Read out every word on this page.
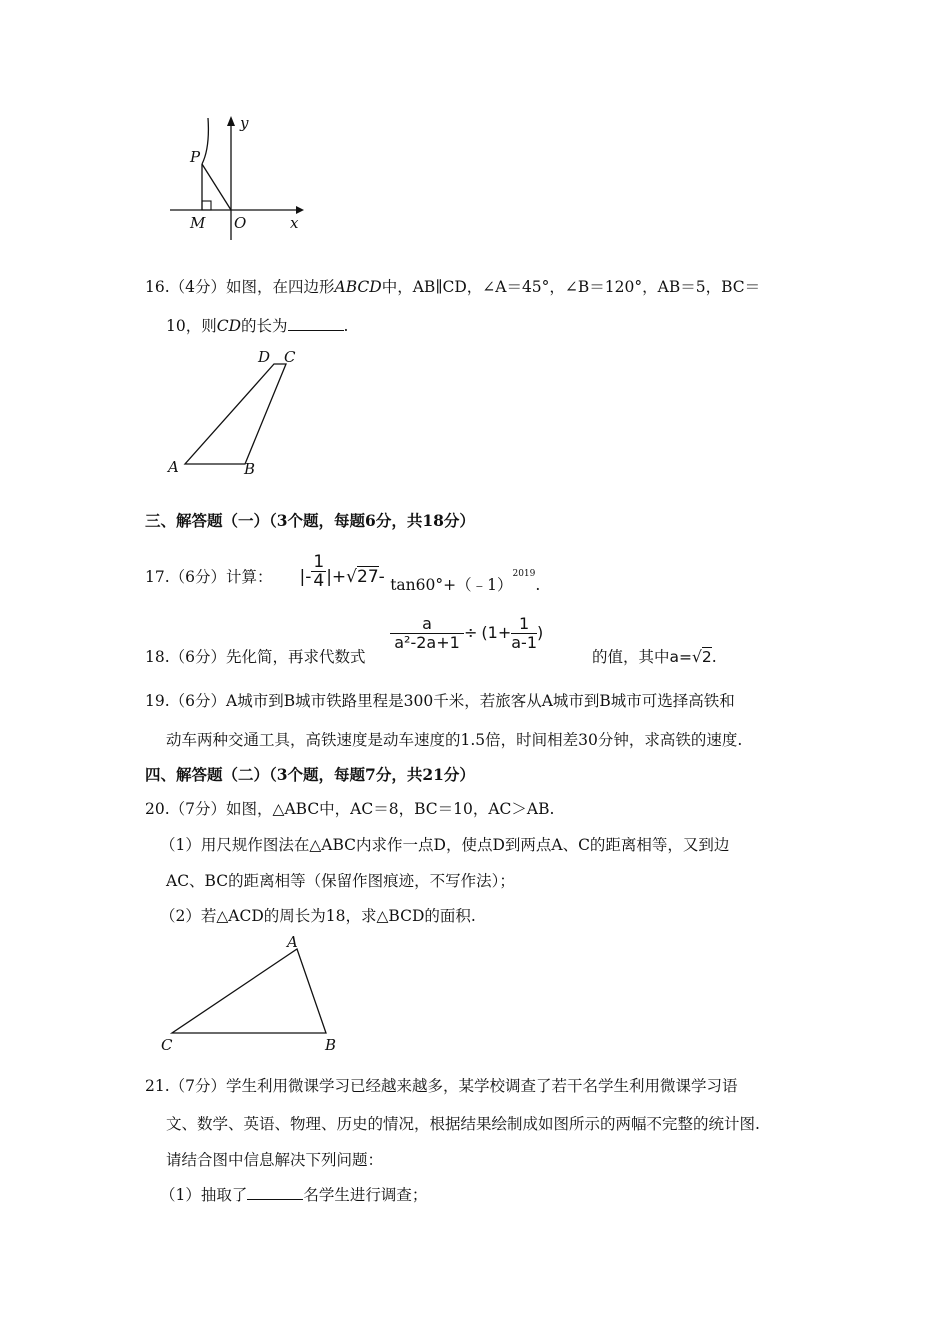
P
M O	x
y
16.（4分）如图，在四边形ABCD中，AB∥CD，∠A＝45°，∠B＝120°，AB＝5，BC＝
10，则CD的长为	.
A	B
C
D
三、解答题（一）（3个题，每题6分，共18分）
17.（6分）计算： |- $\frac{1}{4} |+√27-$ tan60°+（﹣1）$^{2019}$.
$\frac{a}{\text{a²-2a+1}} \div (1+ \frac{1}{a-1}$ )
18.（6分）先化简，再求代数式	的值，其中a=√2.
19.（6分）A城市到B城市铁路里程是300千米，若旅客从A城市到B城市可选择高铁和
动车两种交通工具，高铁速度是动车速度的1.5倍，时间相差30分钟，求高铁的速度.
四、解答题（二）（3个题，每题7分，共21分）
20.（7分）如图，△ABC中，AC＝8，BC＝10，AC＞AB.
（1）用尺规作图法在△ABC内求作一点D，使点D到两点A、C的距离相等，又到边
AC、BC的距离相等（保留作图痕迹，不写作法）；
（2）若△ACD的周长为18，求△BCD的面积.
A
B
C
21.（7分）学生利用微课学习已经越来越多，某学校调查了若干名学生利用微课学习语
文、数学、英语、物理、历史的情况，根据结果绘制成如图所示的两幅不完整的统计图.
请结合图中信息解决下列问题：
（1）抽取了	名学生进行调查；
